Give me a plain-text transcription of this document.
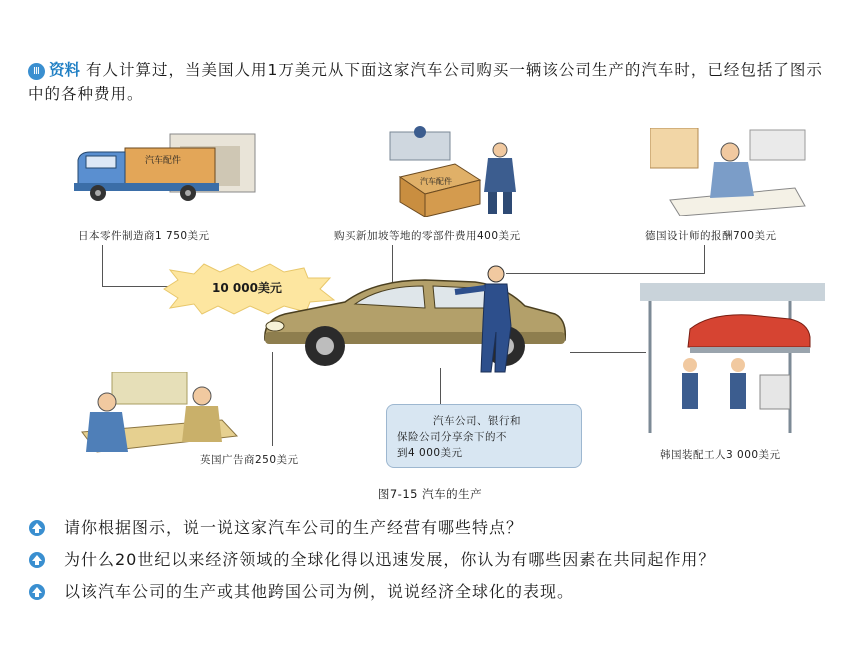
Ⅲ 资料 有人计算过，当美国人用1万美元从下面这家汽车公司购买一辆该公司生产的汽车时，已经包括了图示中的各种费用。
汽车配件
日本零件制造商1 750美元
汽车配件
购买新加坡等地的零部件费用400美元	德国设计师的报酬700美元
10 000美元
韩国装配工人3 000美元
英国广告商250美元
汽车公司、银行和
保险公司分享余下的不
到4 000美元
图7-15 汽车的生产
请你根据图示，说一说这家汽车公司的生产经营有哪些特点？
为什么20世纪以来经济领域的全球化得以迅速发展，你认为有哪些因素在共同起作用？
以该汽车公司的生产或其他跨国公司为例，说说经济全球化的表现。
